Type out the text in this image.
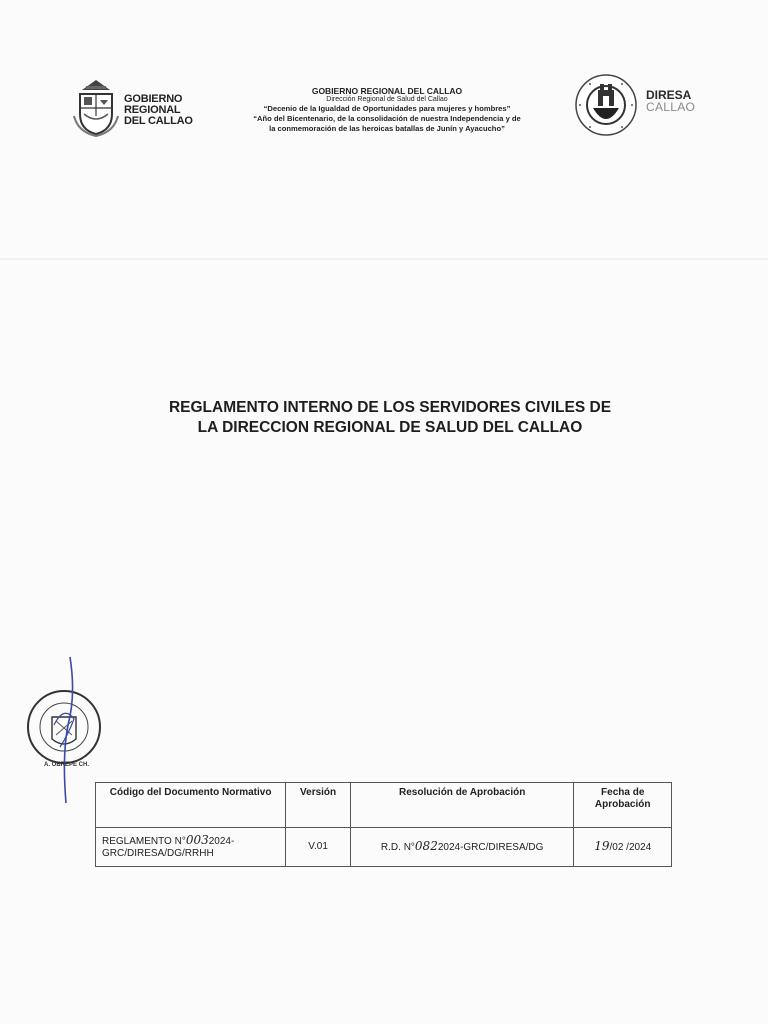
GOBIERNO
REGIONAL
DEL CALLAO
GOBIERNO REGIONAL DEL CALLAO
Dirección Regional de Salud del Callao
“Decenio de la Igualdad de Oportunidades para mujeres y hombres”
“Año del Bicentenario, de la consolidación de nuestra Independencia y de
la conmemoración de las heroicas batallas de Junín y Ayacucho”
DIRESA
CALLAO
REGLAMENTO INTERNO DE LOS SERVIDORES CIVILES DE
LA DIRECCION REGIONAL DE SALUD DEL CALLAO
A. OBREPE CH.
Código del Documento Normativo	Versión	Resolución de Aprobación	Fecha de Aprobación
REGLAMENTO N°0032024-
GRC/DIRESA/DG/RRHH	V.01	R.D. N°0822024-GRC/DIRESA/DG	19/02 /2024
